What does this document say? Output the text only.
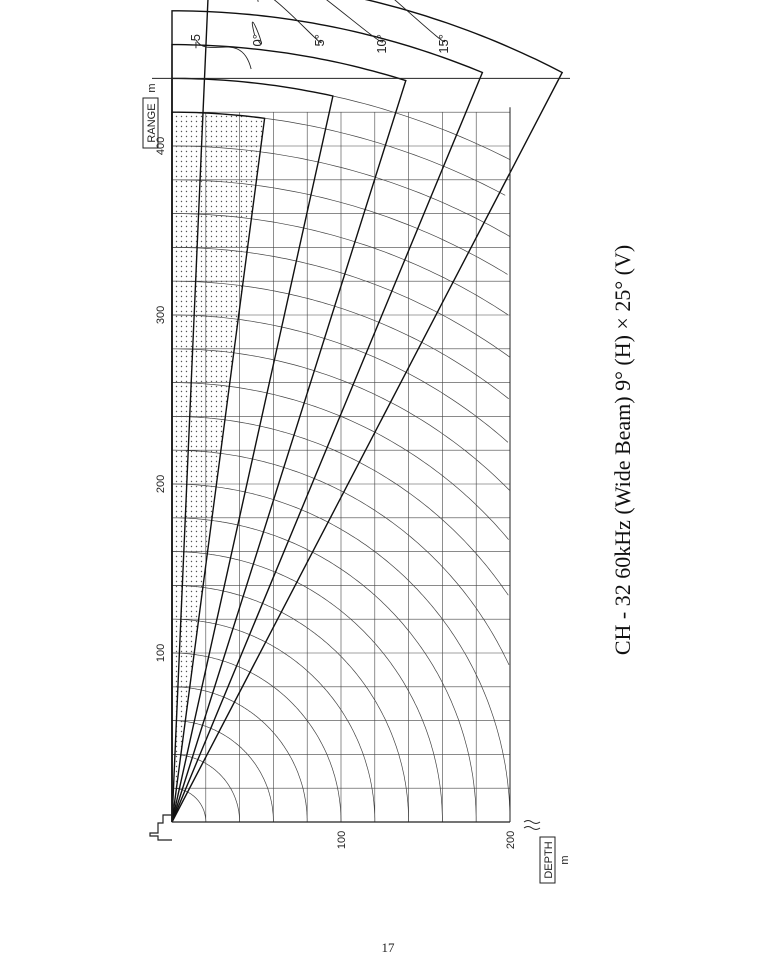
RANGE
m
DEPTH m
100
200
300
400
100	200
CH - 32 60kHz (Wide Beam) 9° (H) × 25° (V)
+5	0°	5°	10°	15°
17
